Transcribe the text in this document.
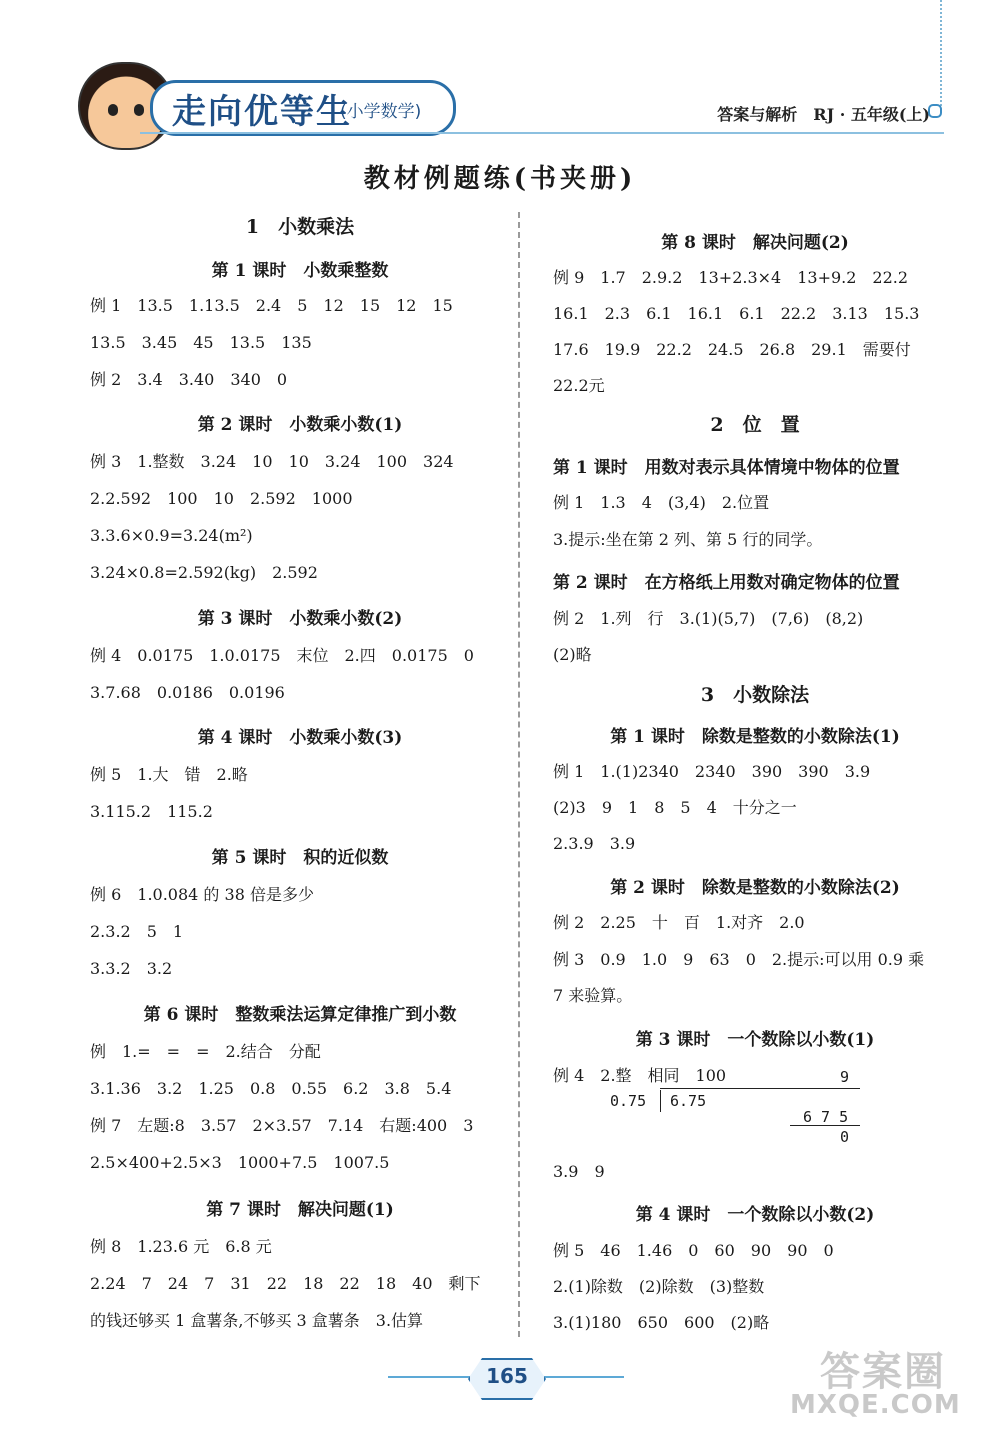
走向优等生
(小学数学)	答案与解析　RJ · 五年级(上)
教材例题练(书夹册)
1　小数乘法
第 1 课时　小数乘整数
例 1　13.5　1.13.5　2.4　5　12　15　12　15
13.5　3.45　45　13.5　135
例 2　3.4　3.40　340　0
第 2 课时　小数乘小数(1)
例 3　1.整数　3.24　10　10　3.24　100　324
2.2.592　100　10　2.592　1000
3.3.6×0.9=3.24(m²)
3.24×0.8=2.592(kg)　2.592
第 3 课时　小数乘小数(2)
例 4　0.0175　1.0.0175　末位　2.四　0.0175　0
3.7.68　0.0186　0.0196
第 4 课时　小数乘小数(3)
例 5　1.大　错　2.略
3.115.2　115.2
第 5 课时　积的近似数
例 6　1.0.084 的 38 倍是多少
2.3.2　5　1
3.3.2　3.2
第 6 课时　整数乘法运算定律推广到小数
例　1.=　=　=　2.结合　分配
3.1.36　3.2　1.25　0.8　0.55　6.2　3.8　5.4
例 7　左题:8　3.57　2×3.57　7.14　右题:400　3
2.5×400+2.5×3　1000+7.5　1007.5
第 7 课时　解决问题(1)
例 8　1.23.6 元　6.8 元
2.24　7　24　7　31　22　18　22　18　40　剩下
的钱还够买 1 盒薯条,不够买 3 盒薯条　3.估算
第 8 课时　解决问题(2)
例 9　1.7　2.9.2　13+2.3×4　13+9.2　22.2
16.1　2.3　6.1　16.1　6.1　22.2　3.13　15.3
17.6　19.9　22.2　24.5　26.8　29.1　需要付
22.2元
2　位　置
第 1 课时　用数对表示具体情境中物体的位置
例 1　1.3　4　(3,4)　2.位置
3.提示:坐在第 2 列、第 5 行的同学。
第 2 课时　在方格纸上用数对确定物体的位置
例 2　1.列　行　3.(1)(5,7)　(7,6)　(8,2)
(2)略
3　小数除法
第 1 课时　除数是整数的小数除法(1)
例 1　1.(1)2340　2340　390　390　3.9
(2)3　9　1　8　5　4　十分之一
2.3.9　3.9
第 2 课时　除数是整数的小数除法(2)
例 2　2.25　十　百　1.对齐　2.0
例 3　0.9　1.0　9　63　0　2.提示:可以用 0.9 乘
7 来验算。
第 3 课时　一个数除以小数(1)
例 4　2.整　相同　100	9
0.75 6.75
6 7 5
0
3.9　9
第 4 课时　一个数除以小数(2)
例 5　46　1.46　0　60　90　90　0
2.(1)除数　(2)除数　(3)整数
3.(1)180　650　600　(2)略
165	答案圈
MXQE.COM
